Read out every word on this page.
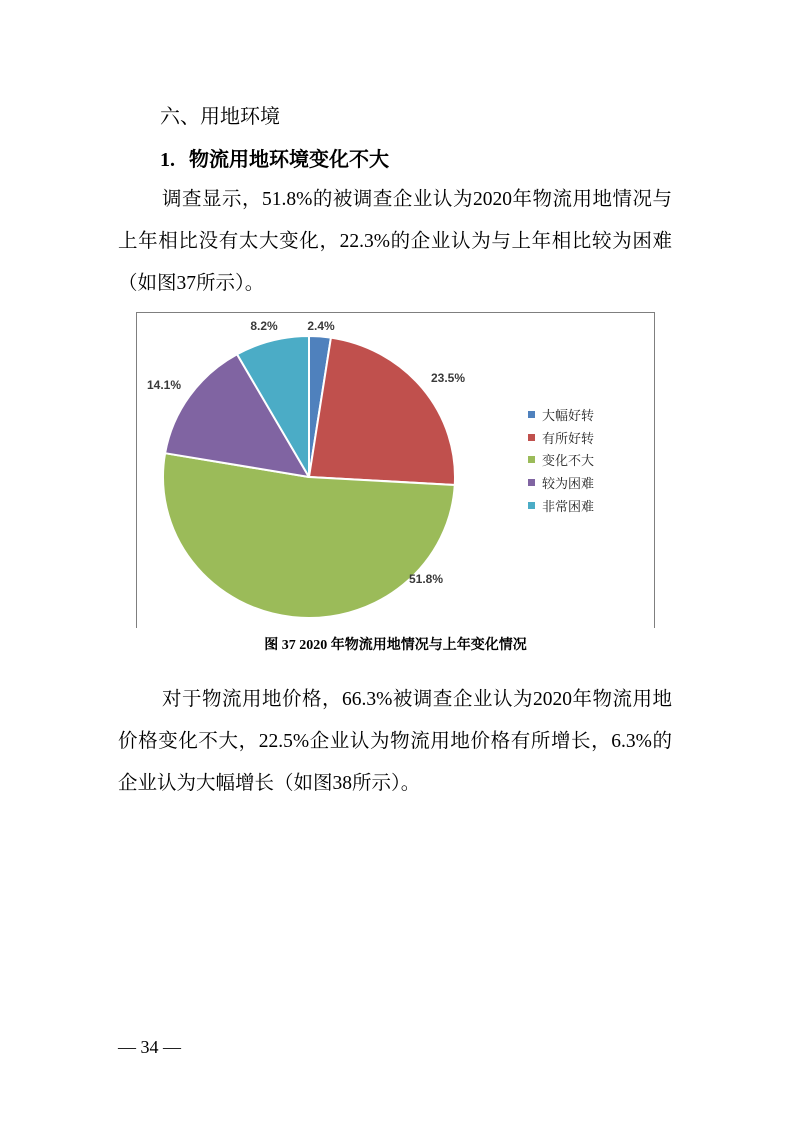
六、用地环境
1. 物流用地环境变化不大
调查显示，51.8%的被调查企业认为2020年物流用地情况与
上年相比没有太大变化，22.3%的企业认为与上年相比较为困难
（如图37所示）。
2.4%
23.5%
51.8%
14.1%
8.2%
大幅好转
有所好转
变化不大
较为困难
非常困难
图 37 2020 年物流用地情况与上年变化情况
对于物流用地价格，66.3%被调查企业认为2020年物流用地
价格变化不大，22.5%企业认为物流用地价格有所增长，6.3%的
企业认为大幅增长（如图38所示）。
— 34 —
